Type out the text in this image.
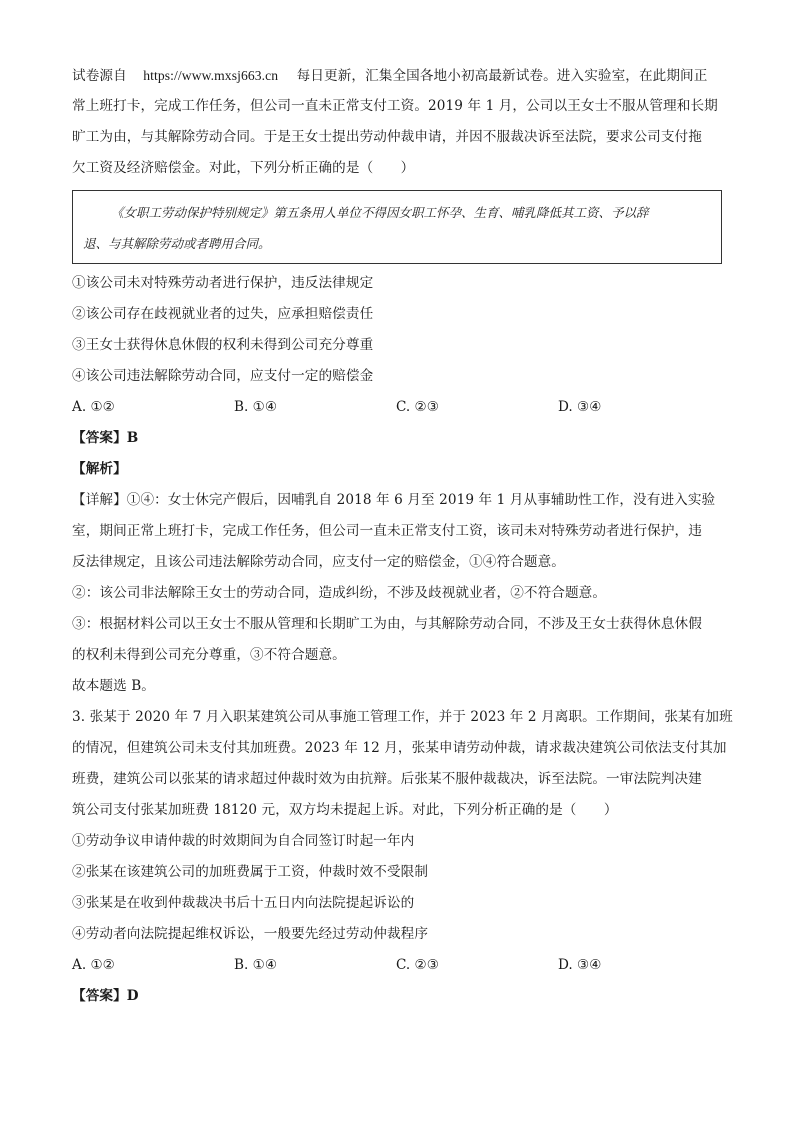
试卷源自 https://www.mxsj663.cn 每日更新，汇集全国各地小初高最新试卷。进入实验室，在此期间正
常上班打卡，完成工作任务，但公司一直未正常支付工资。2019 年 1 月，公司以王女士不服从管理和长期
旷工为由，与其解除劳动合同。于是王女士提出劳动仲裁申请，并因不服裁决诉至法院，要求公司支付拖
欠工资及经济赔偿金。对此，下列分析正确的是（　　）
《女职工劳动保护特别规定》第五条用人单位不得因女职工怀孕、生育、哺乳降低其工资、予以辞
退、与其解除劳动或者聘用合同。
①该公司未对特殊劳动者进行保护，违反法律规定
②该公司存在歧视就业者的过失，应承担赔偿责任
③王女士获得休息休假的权利未得到公司充分尊重
④该公司违法解除劳动合同，应支付一定的赔偿金
A. ①②	B. ①④	C. ②③	D. ③④
【答案】B
【解析】
【详解】①④：女士休完产假后，因哺乳自 2018 年 6 月至 2019 年 1 月从事辅助性工作，没有进入实验
室，期间正常上班打卡，完成工作任务，但公司一直未正常支付工资，该司未对特殊劳动者进行保护，违
反法律规定，且该公司违法解除劳动合同，应支付一定的赔偿金，①④符合题意。
②：该公司非法解除王女士的劳动合同，造成纠纷，不涉及歧视就业者，②不符合题意。
③：根据材料公司以王女士不服从管理和长期旷工为由，与其解除劳动合同，不涉及王女士获得休息休假
的权利未得到公司充分尊重，③不符合题意。
故本题选 B。
3. 张某于 2020 年 7 月入职某建筑公司从事施工管理工作，并于 2023 年 2 月离职。工作期间，张某有加班
的情况，但建筑公司未支付其加班费。2023 年 12 月，张某申请劳动仲裁，请求裁决建筑公司依法支付其加
班费，建筑公司以张某的请求超过仲裁时效为由抗辩。后张某不服仲裁裁决，诉至法院。一审法院判决建
筑公司支付张某加班费 18120 元，双方均未提起上诉。对此，下列分析正确的是（　　）
①劳动争议申请仲裁的时效期间为自合同签订时起一年内
②张某在该建筑公司的加班费属于工资，仲裁时效不受限制
③张某是在收到仲裁裁决书后十五日内向法院提起诉讼的
④劳动者向法院提起维权诉讼，一般要先经过劳动仲裁程序
A. ①②	B. ①④	C. ②③	D. ③④
【答案】D
